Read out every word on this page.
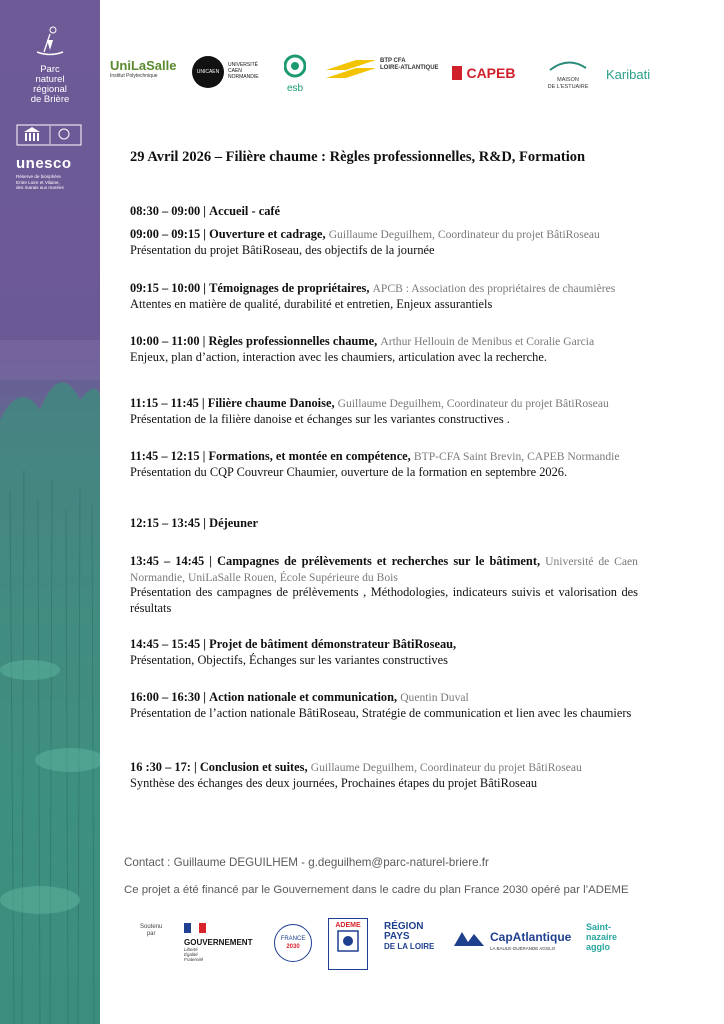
Parc
naturel
régional
de Brière
unesco
Réserve de biosphère
Entre Loire et Vilaine,
des marais aux marées
UniLaSalle
Institut Polytechnique
UNICAEN
UNIVERSITÉ
CAEN
NORMANDIE
esb
BTP CFA
LOIRE-ATLANTIQUE	CAPEB	MAISON
DE L'ESTUAIRE
Karibati
29 Avril 2026 – Filière chaume : Règles professionnelles, R&D, Formation
08:30 – 09:00 | Accueil - café
09:00 – 09:15 | Ouverture et cadrage, Guillaume Deguilhem, Coordinateur du projet BâtiRoseau
Présentation du projet BâtiRoseau, des objectifs de la journée
09:15 – 10:00 | Témoignages de propriétaires, APCB : Association des propriétaires de chaumières
Attentes en matière de qualité, durabilité et entretien, Enjeux assurantiels
10:00 – 11:00 | Règles professionnelles chaume, Arthur Hellouin de Menibus et Coralie Garcia
Enjeux, plan d’action, interaction avec les chaumiers, articulation avec la recherche.
11:15 – 11:45 | Filière chaume Danoise, Guillaume Deguilhem, Coordinateur du projet BâtiRoseau
Présentation de la filière danoise et échanges sur les variantes constructives .
11:45 – 12:15 | Formations, et montée en compétence, BTP-CFA Saint Brevin, CAPEB Normandie
Présentation du CQP Couvreur Chaumier, ouverture de la formation en septembre 2026.
12:15 – 13:45 | Déjeuner
13:45 – 14:45 | Campagnes de prélèvements et recherches sur le bâtiment, Université de Caen Normandie, UniLaSalle Rouen, École Supérieure du Bois
Présentation des campagnes de prélèvements , Méthodologies, indicateurs suivis et valorisation des résultats
14:45 – 15:45 | Projet de bâtiment démonstrateur BâtiRoseau,
Présentation, Objectifs, Échanges sur les variantes constructives
16:00 – 16:30 | Action nationale et communication, Quentin Duval
Présentation de l’action nationale BâtiRoseau, Stratégie de communication et lien avec les chaumiers
16 :30 – 17: | Conclusion et suites, Guillaume Deguilhem, Coordinateur du projet BâtiRoseau
Synthèse des échanges des deux journées, Prochaines étapes du projet BâtiRoseau
Contact : Guillaume DEGUILHEM - g.deguilhem@parc-naturel-briere.fr
Ce projet a été financé par le Gouvernement dans le cadre du plan France 2030 opéré par l’ADEME
Soutenu
par
GOUVERNEMENT
Liberté
Égalité
Fraternité
FRANCE
2030
ADEME	RÉGION
PAYS
DE LA LOIRE
CapAtlantique
LA BAULE-GUÉRANDE AGGLO
Saint-
nazaire
agglo
